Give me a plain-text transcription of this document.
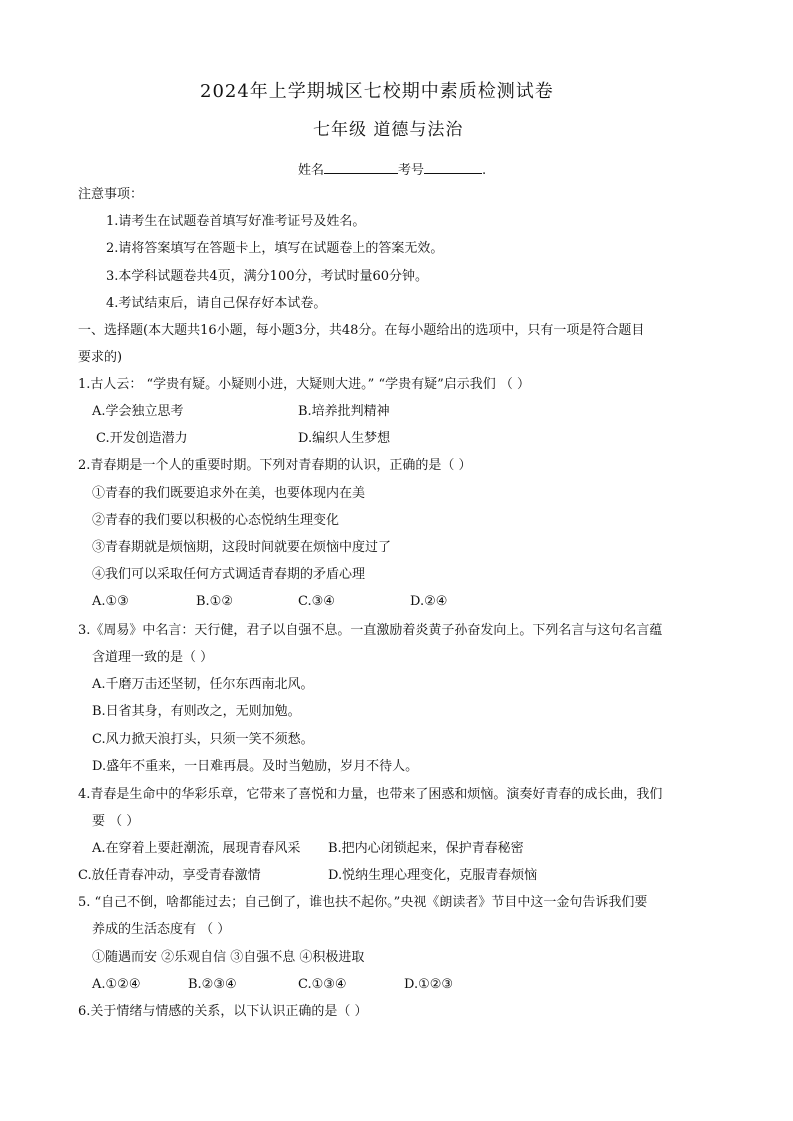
2024年上学期城区七校期中素质检测试卷
七年级 道德与法治
姓名	考号	.
注意事项：
1.请考生在试题卷首填写好准考证号及姓名。
2.请将答案填写在答题卡上，填写在试题卷上的答案无效。
3.本学科试题卷共4页，满分100分，考试时量60分钟。
4.考试结束后，请自己保存好本试卷。
一、选择题(本大题共16小题，每小题3分，共48分。在每小题给出的选项中，只有一项是符合题目
要求的)
1.古人云： “学贵有疑。小疑则小进，大疑则大进。” “学贵有疑”启示我们 （ ）
A.学会独立思考	B.培养批判精神
C.开发创造潜力	D.编织人生梦想
2.青春期是一个人的重要时期。下列对青春期的认识，正确的是（ ）
①青春的我们既要追求外在美，也要体现内在美
②青春的我们要以积极的心态悦纳生理变化
③青春期就是烦恼期，这段时间就要在烦恼中度过了
④我们可以采取任何方式调适青春期的矛盾心理
A.①③	B.①②	C.③④	D.②④
3.《周易》中名言：天行健，君子以自强不息。一直激励着炎黄子孙奋发向上。下列名言与这句名言蕴
含道理一致的是（ ）
A.千磨万击还坚韧，任尔东西南北风。
B.日省其身，有则改之，无则加勉。
C.风力掀天浪打头，只须一笑不须愁。
D.盛年不重来，一日难再晨。及时当勉励，岁月不待人。
4.青春是生命中的华彩乐章，它带来了喜悦和力量，也带来了困惑和烦恼。演奏好青春的成长曲，我们
要 （ ）
A.在穿着上要赶潮流，展现青春风采 B.把内心闭锁起来，保护青春秘密
C.放任青春冲动，享受青春激情	D.悦纳生理心理变化，克服青春烦恼
5. “自己不倒，啥都能过去；自己倒了，谁也扶不起你。”央视《朗读者》节目中这一金句告诉我们要
养成的生活态度有 （ ）
①随遇而安 ②乐观自信 ③自强不息 ④积极进取
A.①②④	B.②③④	C.①③④	D.①②③
6.关于情绪与情感的关系，以下认识正确的是（ ）
